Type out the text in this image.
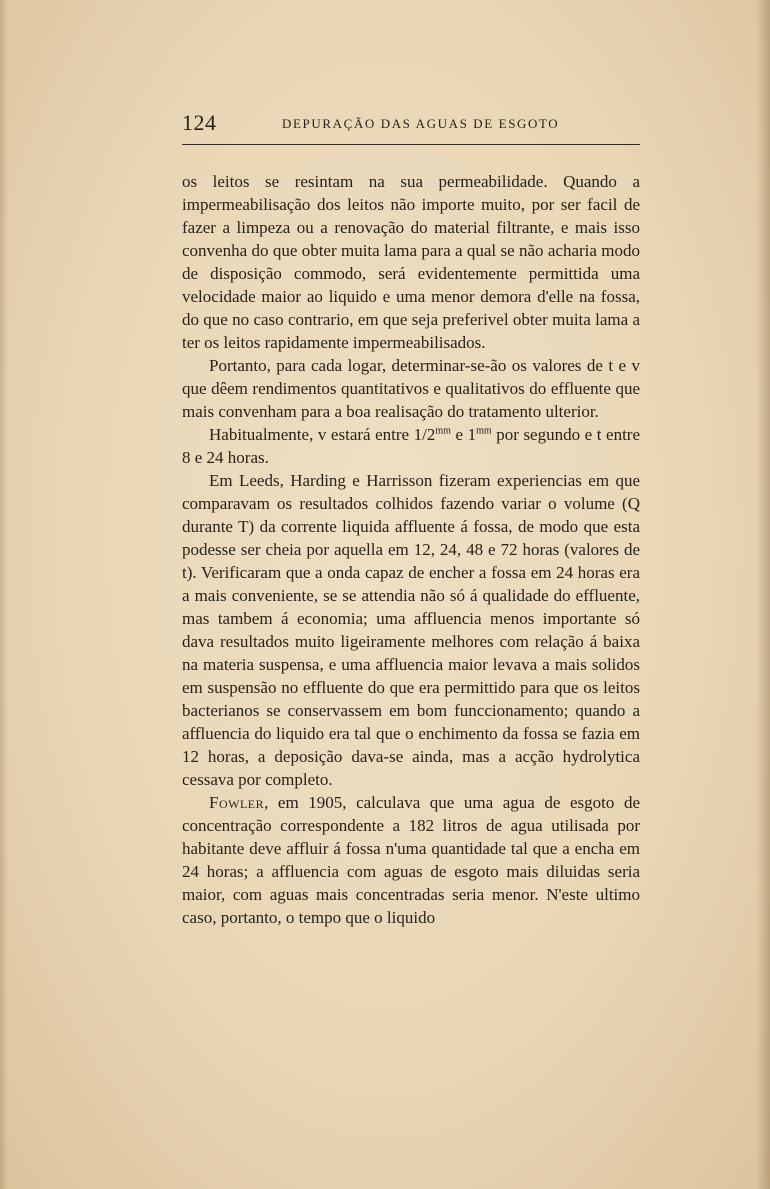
124	DEPURAÇÃO DAS AGUAS DE ESGOTO

os leitos se resintam na sua permeabilidade. Quando a impermeabilisação dos leitos não importe muito, por ser facil de fazer a limpeza ou a renovação do material filtrante, e mais isso convenha do que obter muita lama para a qual se não acharia modo de disposição commodo, será evidentemente permittida uma velocidade maior ao liquido e uma menor demora d'elle na fossa, do que no caso contrario, em que seja preferivel obter muita lama a ter os leitos rapidamente impermeabilisados.

Portanto, para cada logar, determinar-se-ão os valores de t e v que dêem rendimentos quantitativos e qualitativos do effluente que mais convenham para a boa realisação do tratamento ulterior.

Habitualmente, v estará entre $1/2^{mm}$ e $1^{mm}$ por segundo e t entre 8 e 24 horas.

Em Leeds, Harding e Harrisson fizeram experiencias em que comparavam os resultados colhidos fazendo variar o volume (Q durante T) da corrente liquida affluente á fossa, de modo que esta podesse ser cheia por aquella em 12, 24, 48 e 72 horas (valores de t). Verificaram que a onda capaz de encher a fossa em 24 horas era a mais conveniente, se se attendia não só á qualidade do effluente, mas tambem á economia; uma affluencia menos importante só dava resultados muito ligeiramente melhores com relação á baixa na materia suspensa, e uma affluencia maior levava a mais solidos em suspensão no effluente do que era permittido para que os leitos bacterianos se conservassem em bom funccionamento; quando a affluencia do liquido era tal que o enchimento da fossa se fazia em 12 horas, a deposição dava-se ainda, mas a acção hydrolytica cessava por completo.

Fowler, em 1905, calculava que uma agua de esgoto de concentração correspondente a 182 litros de agua utilisada por habitante deve affluir á fossa n'uma quantidade tal que a encha em 24 horas; a affluencia com aguas de esgoto mais diluidas seria maior, com aguas mais concentradas seria menor. N'este ultimo caso, portanto, o tempo que o liquido
